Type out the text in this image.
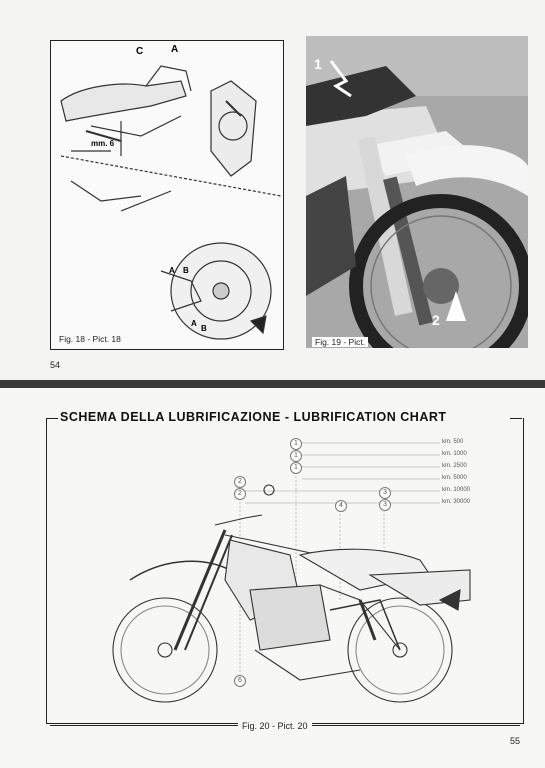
C	A
mm. 6
A B
A
B
Fig. 18 - Pict. 18
1
2
Fig. 19 - Pict.
54
SCHEMA DELLA LUBRIFICAZIONE - LUBRIFICATION CHART
1
1
1
2
2
4
3
3
6
km. 500
km. 1000
km. 2500
km. 5000
km. 10000
km. 30000
Fig. 20 - Pict. 20
55
